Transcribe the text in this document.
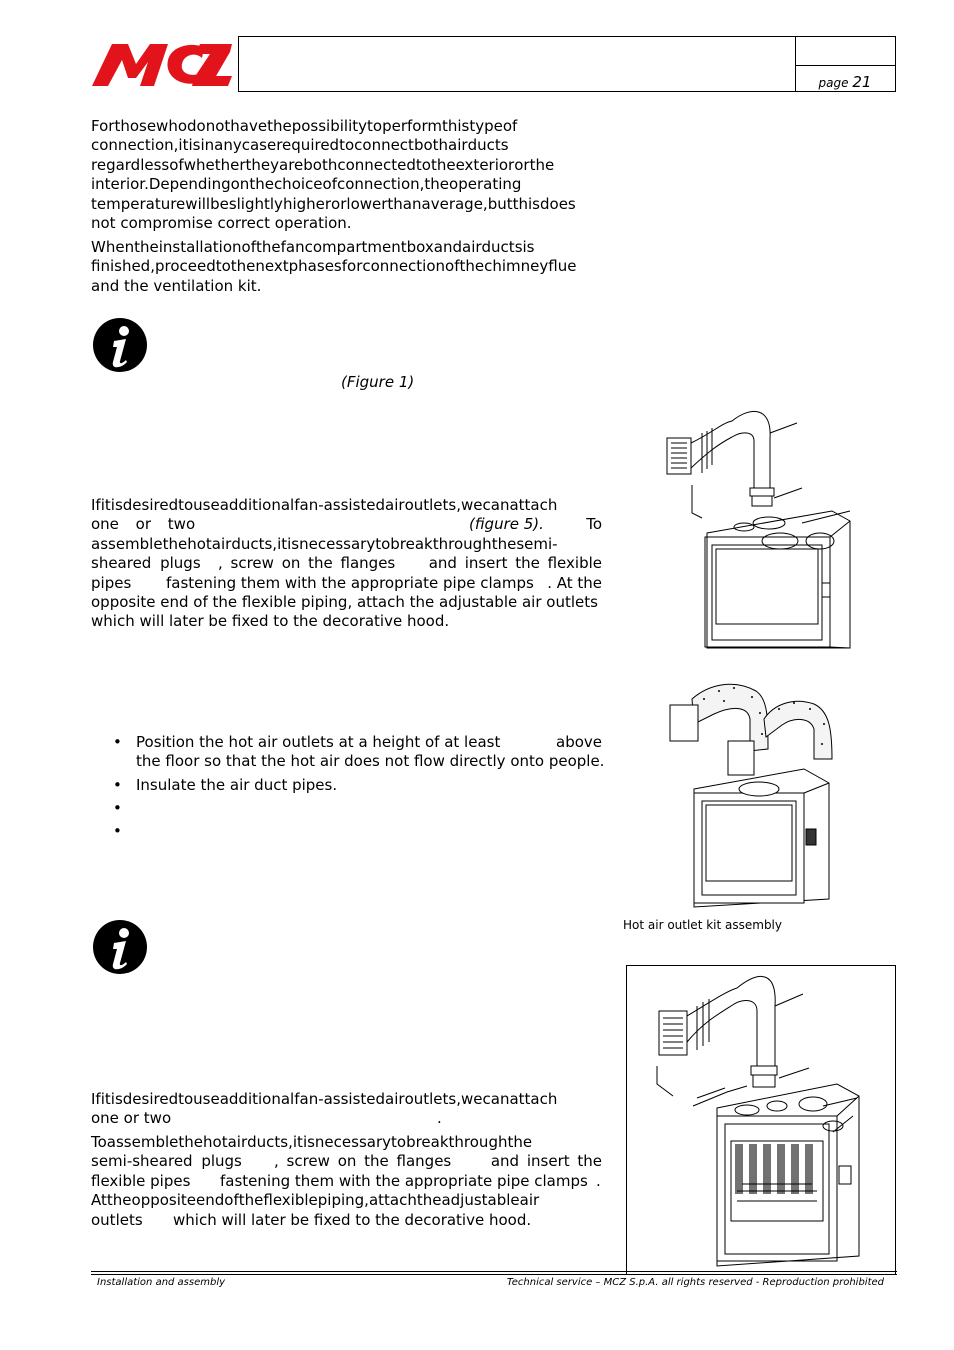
page 21
Forthosewhodonothavethepossibilitytoperformthistypeof
connection,itisinanycaserequiredtoconnectbothairducts
regardlessofwhethertheyarebothconnectedtotheexteriororthe
interior.Dependingonthechoiceofconnection,theoperating
temperaturewillbeslightlyhigherorlowerthanaverage,butthisdoes
not compromise correct operation.
Whentheinstallationofthefancompartmentboxandairductsis
finished,proceedtothenextphasesforconnectionofthechimneyflue
and the ventilation kit.
(Figure 1)
Ifitisdesiredtouseadditionalfan-assistedairoutlets,wecanattach
one or two	(figure 5).	To
assemblethehotairducts,itisnecessarytobreakthroughthesemi-
sheared plugs , screw on the flanges and insert the flexible
pipes fastening them with the appropriate pipe clamps . At the
opposite end of the flexible piping, attach the adjustable air outlets
which will later be fixed to the decorative hood.
• Position the hot air outlets at a height of at least	above
the floor so that the hot air does not flow directly onto people.
• Insulate the air duct pipes.
•
•
Ifitisdesiredtouseadditionalfan-assistedairoutlets,wecanattach
one or two	.
Toassemblethehotairducts,itisnecessarytobreakthroughthe
semi-sheared plugs , screw on the flanges	and insert the
flexible pipes fastening them with the appropriate pipe clamps .
Attheoppositeendoftheflexiblepiping,attachtheadjustableair
outlets which will later be fixed to the decorative hood.
Hot air outlet kit assembly
Installation and assembly	Technical service – MCZ S.p.A. all rights reserved - Reproduction prohibited
